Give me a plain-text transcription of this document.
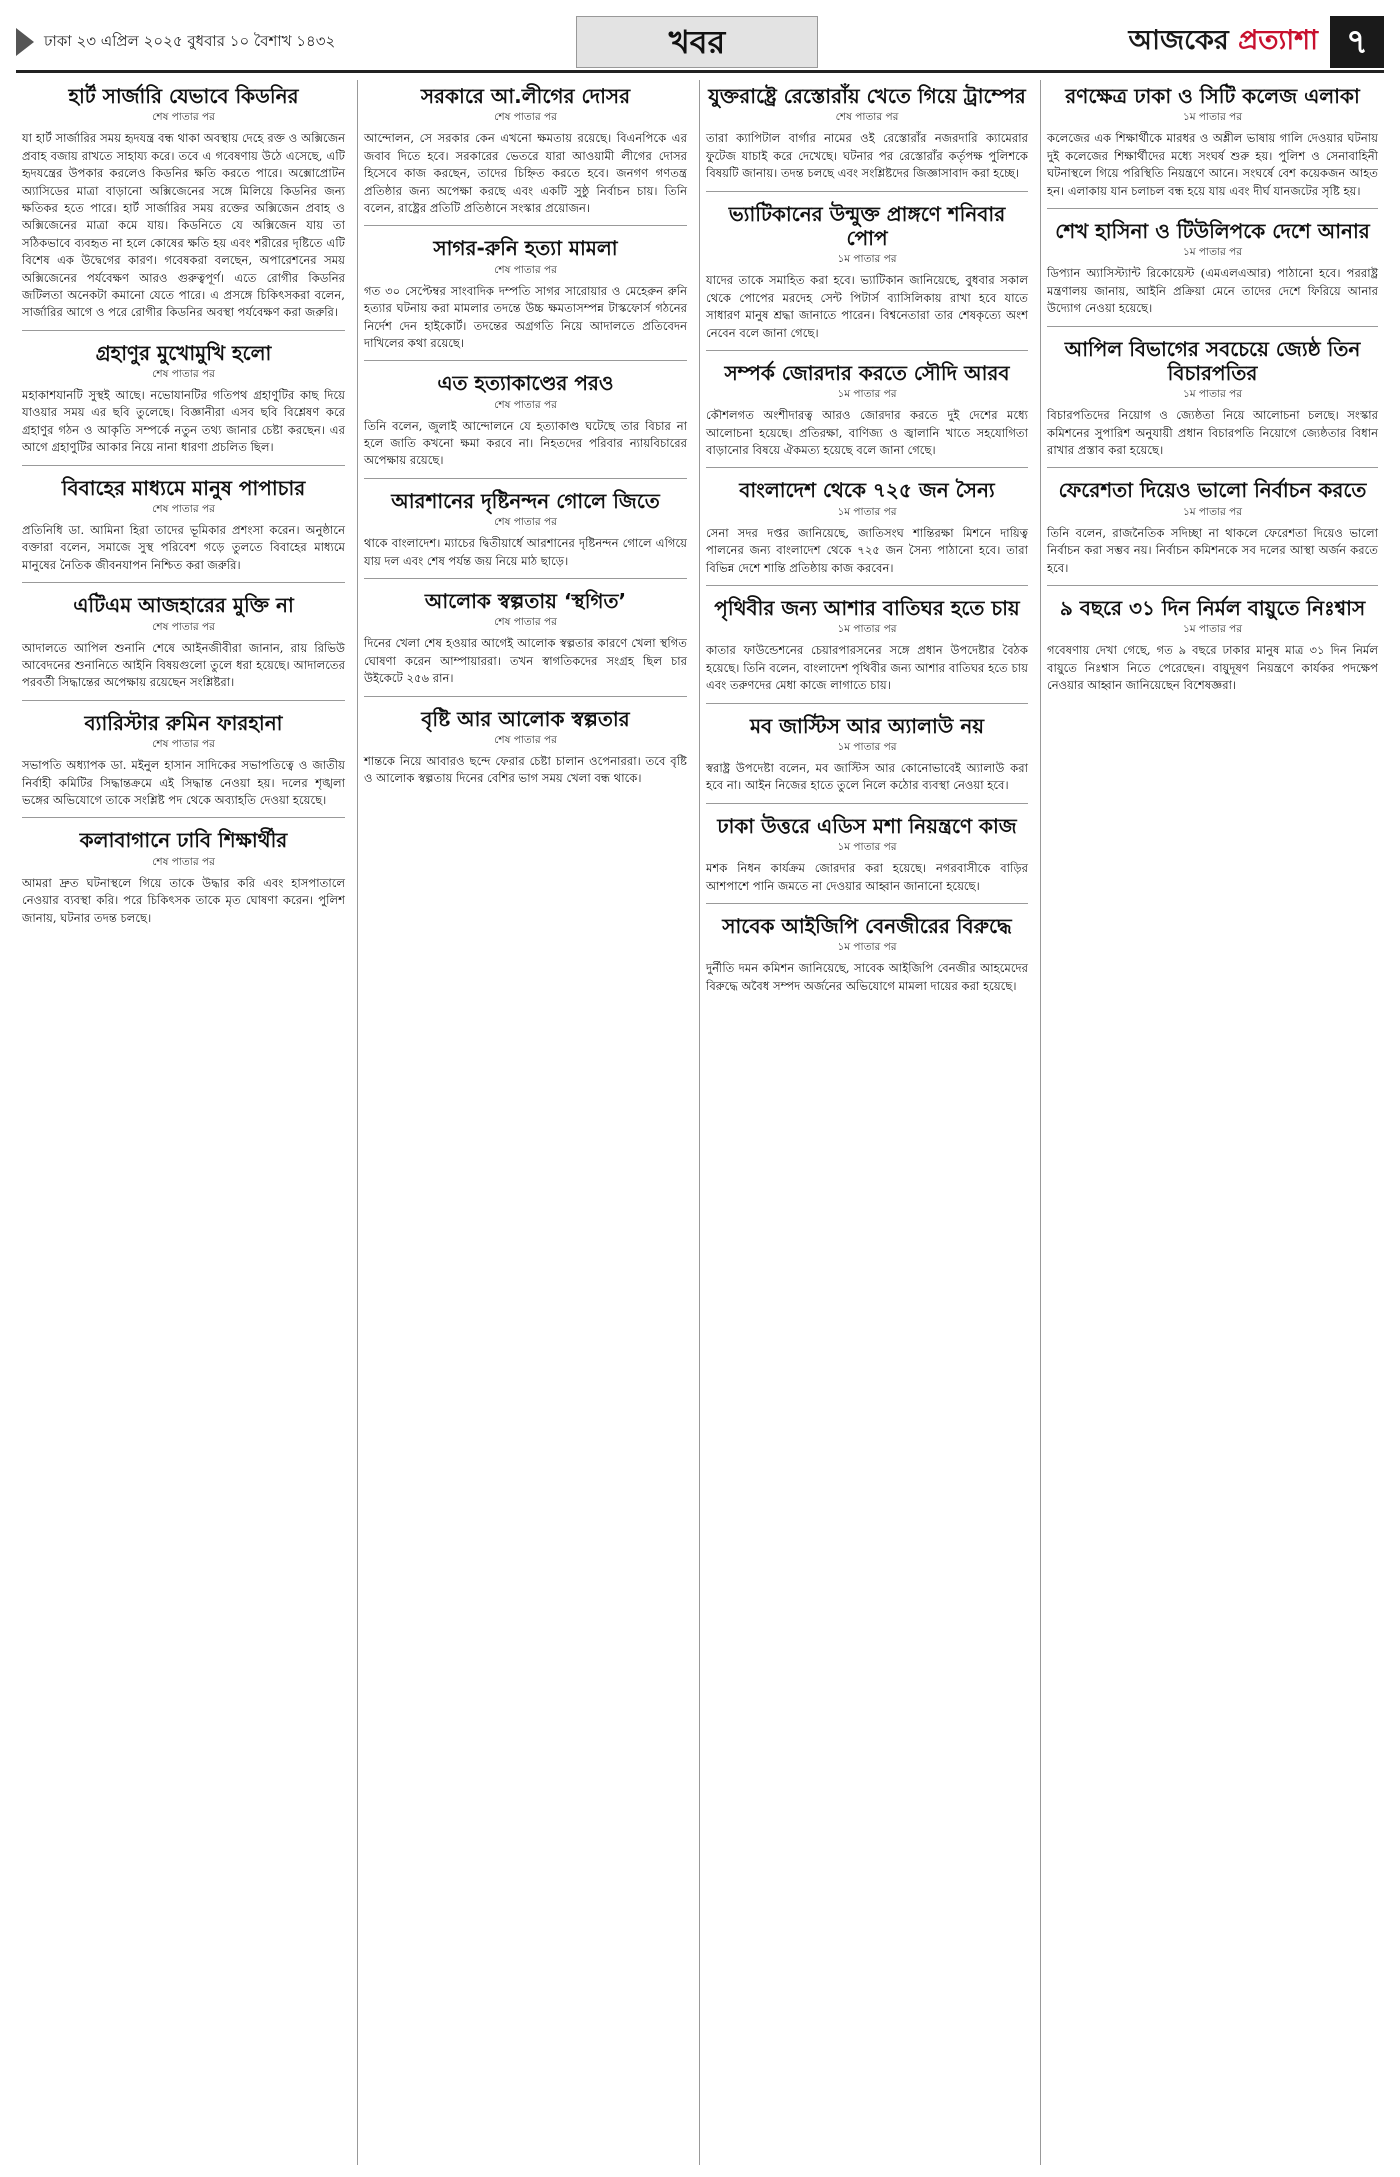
ঢাকা ২৩ এপ্রিল ২০২৫ বুধবার ১০ বৈশাখ ১৪৩২	খবর	আজকের প্রত্যাশা ৭
হার্ট সার্জারি যেভাবে কিডনির
শেষ পাতার পর
যা হার্ট সার্জারির সময় হৃদযন্ত্র বন্ধ থাকা অবস্থায় দেহে রক্ত ও অক্সিজেন প্রবাহ বজায় রাখতে সাহায্য করে। তবে এ গবেষণায় উঠে এসেছে, এটি হৃদযন্ত্রের উপকার করলেও কিডনির ক্ষতি করতে পারে। অক্সোপ্রোটন অ্যাসিডের মাত্রা বাড়ানো অক্সিজেনের সঙ্গে মিলিয়ে কিডনির জন্য ক্ষতিকর হতে পারে। হার্ট সার্জারির সময় রক্তের অক্সিজেন প্রবাহ ও অক্সিজেনের মাত্রা কমে যায়। কিডনিতে যে অক্সিজেন যায় তা সঠিকভাবে ব্যবহৃত না হলে কোষের ক্ষতি হয় এবং শরীরের দৃষ্টিতে এটি বিশেষ এক উদ্বেগের কারণ। গবেষকরা বলছেন, অপারেশনের সময় অক্সিজেনের পর্যবেক্ষণ আরও গুরুত্বপূর্ণ। এতে রোগীর কিডনির জটিলতা অনেকটা কমানো যেতে পারে। এ প্রসঙ্গে চিকিৎসকরা বলেন, সার্জারির আগে ও পরে রোগীর কিডনির অবস্থা পর্যবেক্ষণ করা জরুরি।
গ্রহাণুর মুখোমুখি হলো
শেষ পাতার পর
মহাকাশযানটি সুস্থই আছে। নভোযানটির গতিপথ গ্রহাণুটির কাছ দিয়ে যাওয়ার সময় এর ছবি তুলেছে। বিজ্ঞানীরা এসব ছবি বিশ্লেষণ করে গ্রহাণুর গঠন ও আকৃতি সম্পর্কে নতুন তথ্য জানার চেষ্টা করছেন। এর আগে গ্রহাণুটির আকার নিয়ে নানা ধারণা প্রচলিত ছিল।
বিবাহের মাধ্যমে মানুষ পাপাচার
শেষ পাতার পর
প্রতিনিধি ডা. আমিনা হিরা তাদের ভূমিকার প্রশংসা করেন। অনুষ্ঠানে বক্তারা বলেন, সমাজে সুস্থ পরিবেশ গড়ে তুলতে বিবাহের মাধ্যমে মানুষের নৈতিক জীবনযাপন নিশ্চিত করা জরুরি।
এটিএম আজহারের মুক্তি না
শেষ পাতার পর
আদালতে আপিল শুনানি শেষে আইনজীবীরা জানান, রায় রিভিউ আবেদনের শুনানিতে আইনি বিষয়গুলো তুলে ধরা হয়েছে। আদালতের পরবর্তী সিদ্ধান্তের অপেক্ষায় রয়েছেন সংশ্লিষ্টরা।
ব্যারিস্টার রুমিন ফারহানা
শেষ পাতার পর
সভাপতি অধ্যাপক ডা. মইনুল হাসান সাদিকের সভাপতিত্বে ও জাতীয় নির্বাহী কমিটির সিদ্ধান্তক্রমে এই সিদ্ধান্ত নেওয়া হয়। দলের শৃঙ্খলা ভঙ্গের অভিযোগে তাকে সংশ্লিষ্ট পদ থেকে অব্যাহতি দেওয়া হয়েছে।
কলাবাগানে ঢাবি শিক্ষার্থীর
শেষ পাতার পর
আমরা দ্রুত ঘটনাস্থলে গিয়ে তাকে উদ্ধার করি এবং হাসপাতালে নেওয়ার ব্যবস্থা করি। পরে চিকিৎসক তাকে মৃত ঘোষণা করেন। পুলিশ জানায়, ঘটনার তদন্ত চলছে।
সরকারে আ.লীগের দোসর
শেষ পাতার পর
আন্দোলন, সে সরকার কেন এখনো ক্ষমতায় রয়েছে। বিএনপিকে এর জবাব দিতে হবে। সরকারের ভেতরে যারা আওয়ামী লীগের দোসর হিসেবে কাজ করছেন, তাদের চিহ্নিত করতে হবে। জনগণ গণতন্ত্র প্রতিষ্ঠার জন্য অপেক্ষা করছে এবং একটি সুষ্ঠু নির্বাচন চায়। তিনি বলেন, রাষ্ট্রের প্রতিটি প্রতিষ্ঠানে সংস্কার প্রয়োজন।
সাগর-রুনি হত্যা মামলা
শেষ পাতার পর
গত ৩০ সেপ্টেম্বর সাংবাদিক দম্পতি সাগর সারোয়ার ও মেহেরুন রুনি হত্যার ঘটনায় করা মামলার তদন্তে উচ্চ ক্ষমতাসম্পন্ন টাস্কফোর্স গঠনের নির্দেশ দেন হাইকোর্ট। তদন্তের অগ্রগতি নিয়ে আদালতে প্রতিবেদন দাখিলের কথা রয়েছে।
এত হত্যাকাণ্ডের পরও
শেষ পাতার পর
তিনি বলেন, জুলাই আন্দোলনে যে হত্যাকাণ্ড ঘটেছে তার বিচার না হলে জাতি কখনো ক্ষমা করবে না। নিহতদের পরিবার ন্যায়বিচারের অপেক্ষায় রয়েছে।
আরশানের দৃষ্টিনন্দন গোলে জিতে
শেষ পাতার পর
থাকে বাংলাদেশ। ম্যাচের দ্বিতীয়ার্ধে আরশানের দৃষ্টিনন্দন গোলে এগিয়ে যায় দল এবং শেষ পর্যন্ত জয় নিয়ে মাঠ ছাড়ে।
আলোক স্বল্পতায় ‘স্থগিত’
শেষ পাতার পর
দিনের খেলা শেষ হওয়ার আগেই আলোক স্বল্পতার কারণে খেলা স্থগিত ঘোষণা করেন আম্পায়াররা। তখন স্বাগতিকদের সংগ্রহ ছিল চার উইকেটে ২৫৬ রান।
বৃষ্টি আর আলোক স্বল্পতার
শেষ পাতার পর
শান্তকে নিয়ে আবারও ছন্দে ফেরার চেষ্টা চালান ওপেনাররা। তবে বৃষ্টি ও আলোক স্বল্পতায় দিনের বেশির ভাগ সময় খেলা বন্ধ থাকে।
যুক্তরাষ্ট্রে রেস্তোরাঁয় খেতে গিয়ে ট্রাম্পের
শেষ পাতার পর
তারা ক্যাপিটাল বার্গার নামের ওই রেস্তোরাঁর নজরদারি ক্যামেরার ফুটেজ যাচাই করে দেখেছে। ঘটনার পর রেস্তোরাঁর কর্তৃপক্ষ পুলিশকে বিষয়টি জানায়। তদন্ত চলছে এবং সংশ্লিষ্টদের জিজ্ঞাসাবাদ করা হচ্ছে।
ভ্যাটিকানের উন্মুক্ত প্রাঙ্গণে শনিবার পোপ
১ম পাতার পর
যাদের তাকে সমাহিত করা হবে। ভ্যাটিকান জানিয়েছে, বুধবার সকাল থেকে পোপের মরদেহ সেন্ট পিটার্স ব্যাসিলিকায় রাখা হবে যাতে সাধারণ মানুষ শ্রদ্ধা জানাতে পারেন। বিশ্বনেতারা তার শেষকৃত্যে অংশ নেবেন বলে জানা গেছে।
সম্পর্ক জোরদার করতে সৌদি আরব
১ম পাতার পর
কৌশলগত অংশীদারত্ব আরও জোরদার করতে দুই দেশের মধ্যে আলোচনা হয়েছে। প্রতিরক্ষা, বাণিজ্য ও জ্বালানি খাতে সহযোগিতা বাড়ানোর বিষয়ে ঐকমত্য হয়েছে বলে জানা গেছে।
বাংলাদেশ থেকে ৭২৫ জন সৈন্য
১ম পাতার পর
সেনা সদর দপ্তর জানিয়েছে, জাতিসংঘ শান্তিরক্ষা মিশনে দায়িত্ব পালনের জন্য বাংলাদেশ থেকে ৭২৫ জন সৈন্য পাঠানো হবে। তারা বিভিন্ন দেশে শান্তি প্রতিষ্ঠায় কাজ করবেন।
পৃথিবীর জন্য আশার বাতিঘর হতে চায়
১ম পাতার পর
কাতার ফাউন্ডেশনের চেয়ারপারসনের সঙ্গে প্রধান উপদেষ্টার বৈঠক হয়েছে। তিনি বলেন, বাংলাদেশ পৃথিবীর জন্য আশার বাতিঘর হতে চায় এবং তরুণদের মেধা কাজে লাগাতে চায়।
মব জাস্টিস আর অ্যালাউ নয়
১ম পাতার পর
স্বরাষ্ট্র উপদেষ্টা বলেন, মব জাস্টিস আর কোনোভাবেই অ্যালাউ করা হবে না। আইন নিজের হাতে তুলে নিলে কঠোর ব্যবস্থা নেওয়া হবে।
ঢাকা উত্তরে এডিস মশা নিয়ন্ত্রণে কাজ
১ম পাতার পর
মশক নিধন কার্যক্রম জোরদার করা হয়েছে। নগরবাসীকে বাড়ির আশপাশে পানি জমতে না দেওয়ার আহ্বান জানানো হয়েছে।
সাবেক আইজিপি বেনজীরের বিরুদ্ধে
১ম পাতার পর
দুর্নীতি দমন কমিশন জানিয়েছে, সাবেক আইজিপি বেনজীর আহমেদের বিরুদ্ধে অবৈধ সম্পদ অর্জনের অভিযোগে মামলা দায়ের করা হয়েছে।
রণক্ষেত্র ঢাকা ও সিটি কলেজ এলাকা
১ম পাতার পর
কলেজের এক শিক্ষার্থীকে মারধর ও অশ্লীল ভাষায় গালি দেওয়ার ঘটনায় দুই কলেজের শিক্ষার্থীদের মধ্যে সংঘর্ষ শুরু হয়। পুলিশ ও সেনাবাহিনী ঘটনাস্থলে গিয়ে পরিস্থিতি নিয়ন্ত্রণে আনে। সংঘর্ষে বেশ কয়েকজন আহত হন। এলাকায় যান চলাচল বন্ধ হয়ে যায় এবং দীর্ঘ যানজটের সৃষ্টি হয়।
শেখ হাসিনা ও টিউলিপকে দেশে আনার
১ম পাতার পর
ডিপ্যান অ্যাসিস্ট্যান্ট রিকোয়েস্ট (এমএলএআর) পাঠানো হবে। পররাষ্ট্র মন্ত্রণালয় জানায়, আইনি প্রক্রিয়া মেনে তাদের দেশে ফিরিয়ে আনার উদ্যোগ নেওয়া হয়েছে।
আপিল বিভাগের সবচেয়ে জ্যেষ্ঠ তিন বিচারপতির
১ম পাতার পর
বিচারপতিদের নিয়োগ ও জ্যেষ্ঠতা নিয়ে আলোচনা চলছে। সংস্কার কমিশনের সুপারিশ অনুযায়ী প্রধান বিচারপতি নিয়োগে জ্যেষ্ঠতার বিধান রাখার প্রস্তাব করা হয়েছে।
ফেরেশতা দিয়েও ভালো নির্বাচন করতে
১ম পাতার পর
তিনি বলেন, রাজনৈতিক সদিচ্ছা না থাকলে ফেরেশতা দিয়েও ভালো নির্বাচন করা সম্ভব নয়। নির্বাচন কমিশনকে সব দলের আস্থা অর্জন করতে হবে।
৯ বছরে ৩১ দিন নির্মল বায়ুতে নিঃশ্বাস
১ম পাতার পর
গবেষণায় দেখা গেছে, গত ৯ বছরে ঢাকার মানুষ মাত্র ৩১ দিন নির্মল বায়ুতে নিঃশ্বাস নিতে পেরেছেন। বায়ুদূষণ নিয়ন্ত্রণে কার্যকর পদক্ষেপ নেওয়ার আহ্বান জানিয়েছেন বিশেষজ্ঞরা।
